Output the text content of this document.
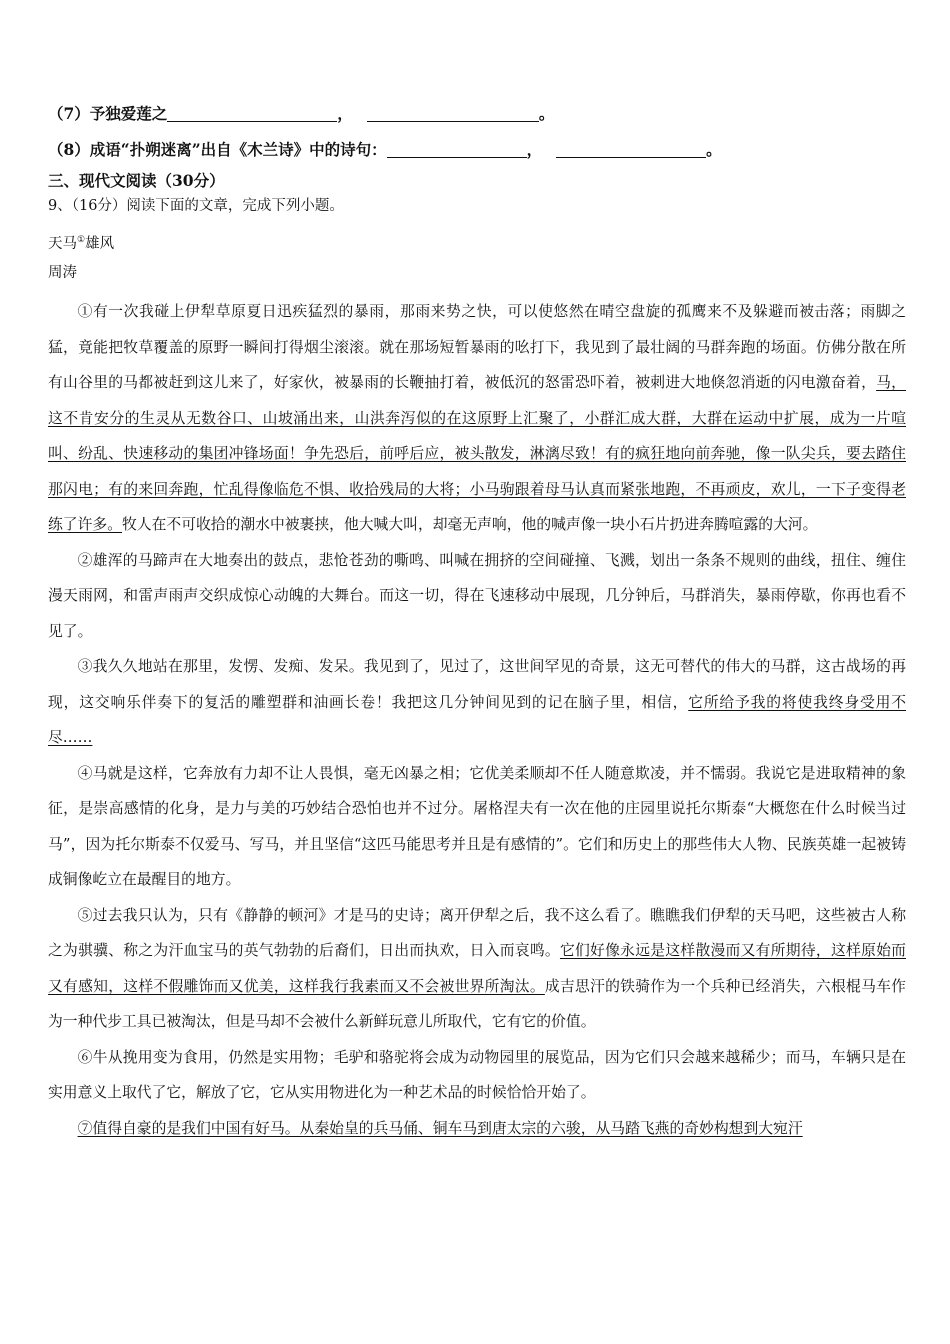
（7）予独爱莲之	，	。
（8）成语“扑朔迷离”出自《木兰诗》中的诗句：	，	。
三、现代文阅读（30分）
9、（16分）阅读下面的文章，完成下列小题。
天马①雄风
周涛

①有一次我碰上伊犁草原夏日迅疾猛烈的暴雨，那雨来势之快，可以使悠然在晴空盘旋的孤鹰来不及躲避而被击落；雨脚之猛，竟能把牧草覆盖的原野一瞬间打得烟尘滚滚。就在那场短暂暴雨的吆打下，我见到了最壮阔的马群奔跑的场面。仿佛分散在所有山谷里的马都被赶到这儿来了，好家伙，被暴雨的长鞭抽打着，被低沉的怒雷恐吓着，被刺进大地倏忽消逝的闪电激奋着，马，这不肯安分的生灵从无数谷口、山坡涌出来，山洪奔泻似的在这原野上汇聚了，小群汇成大群，大群在运动中扩展，成为一片喧叫、纷乱、快速移动的集团冲锋场面！争先恐后，前呼后应，被头散发，淋漓尽致！有的疯狂地向前奔驰，像一队尖兵，要去踏住那闪电；有的来回奔跑，忙乱得像临危不惧、收拾残局的大将；小马驹跟着母马认真而紧张地跑，不再顽皮，欢儿，一下子变得老练了许多。牧人在不可收拾的潮水中被裹挟，他大喊大叫，却毫无声响，他的喊声像一块小石片扔进奔腾喧露的大河。

②雄浑的马蹄声在大地奏出的鼓点，悲怆苍劲的嘶鸣、叫喊在拥挤的空间碰撞、飞溅，划出一条条不规则的曲线，扭住、缠住漫天雨网，和雷声雨声交织成惊心动魄的大舞台。而这一切，得在飞速移动中展现，几分钟后，马群消失，暴雨停歇，你再也看不见了。

③我久久地站在那里，发愣、发痴、发呆。我见到了，见过了，这世间罕见的奇景，这无可替代的伟大的马群，这古战场的再现，这交响乐伴奏下的复活的雕塑群和油画长卷！我把这几分钟间见到的记在脑子里，相信，它所给予我的将使我终身受用不尽……

④马就是这样，它奔放有力却不让人畏惧，毫无凶暴之相；它优美柔顺却不任人随意欺凌，并不懦弱。我说它是进取精神的象征，是崇高感情的化身，是力与美的巧妙结合恐怕也并不过分。屠格涅夫有一次在他的庄园里说托尔斯泰“大概您在什么时候当过马”，因为托尔斯泰不仅爱马、写马，并且坚信“这匹马能思考并且是有感情的”。它们和历史上的那些伟大人物、民族英雄一起被铸成铜像屹立在最醒目的地方。

⑤过去我只认为，只有《静静的顿河》才是马的史诗；离开伊犁之后，我不这么看了。瞧瞧我们伊犁的天马吧，这些被古人称之为骐骥、称之为汗血宝马的英气勃勃的后裔们，日出而执欢，日入而哀鸣。它们好像永远是这样散漫而又有所期待，这样原始而又有感知，这样不假雕饰而又优美，这样我行我素而又不会被世界所淘汰。成吉思汗的铁骑作为一个兵种已经消失，六根棍马车作为一种代步工具已被淘汰，但是马却不会被什么新鲜玩意儿所取代，它有它的价值。

⑥牛从挽用变为食用，仍然是实用物；毛驴和骆驼将会成为动物园里的展览品，因为它们只会越来越稀少；而马，车辆只是在实用意义上取代了它，解放了它，它从实用物进化为一种艺术品的时候恰恰开始了。

⑦值得自豪的是我们中国有好马。从秦始皇的兵马俑、铜车马到唐太宗的六骏，从马踏飞燕的奇妙构想到大宛汗
